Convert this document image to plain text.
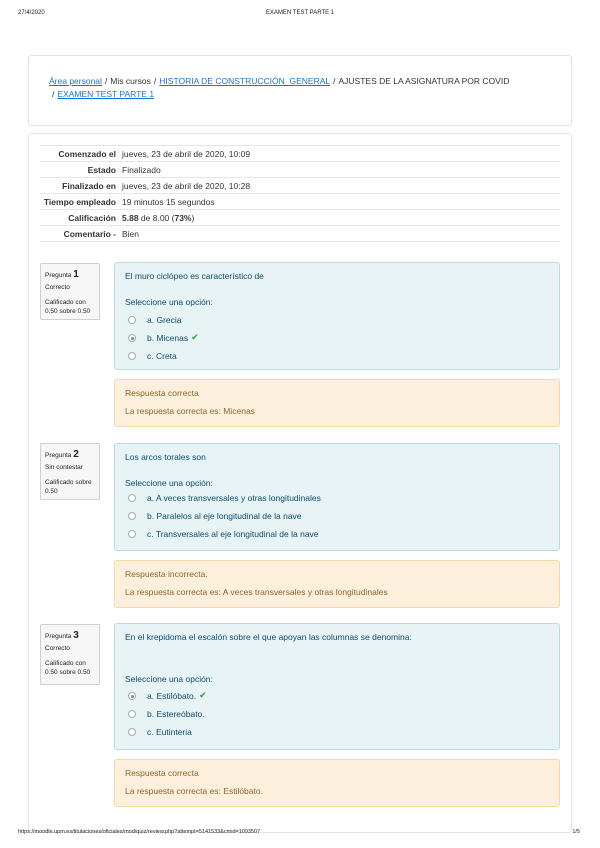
27/4/2020	EXAMEN TEST PARTE 1
Área personal / Mis cursos / HISTORIA DE CONSTRUCCIÓN_GENERAL / AJUSTES DE LA ASIGNATURA POR COVID
/ EXAMEN TEST PARTE 1
Comenzado el jueves, 23 de abril de 2020, 10:09
Estado Finalizado
Finalizado en jueves, 23 de abril de 2020, 10:28
Tiempo empleado 19 minutos 15 segundos
Calificación 5.88 de 8.00 (73%)
Comentario - Bien
Pregunta 1
Correcto
Calificado con 0.50 sobre 0.50
El muro ciclópeo es característico de
Seleccione una opción:
a. Grecia
b. Micenas ✔
c. Creta
Respuesta correcta
La respuesta correcta es: Micenas
Pregunta 2
Sin contestar
Calificado sobre 0.50
Los arcos torales son
Seleccione una opción:
a. A veces transversales y otras longitudinales
b. Paralelos al eje longitudinal de la nave
c. Transversales al eje longitudinal de la nave
Respuesta incorrecta.
La respuesta correcta es: A veces transversales y otras longitudinales
Pregunta 3
Correcto
Calificado con 0.50 sobre 0.50
En el krepidoma el escalón sobre el que apoyan las columnas se denomina:
Seleccione una opción:
a. Estilóbato. ✔
b. Estereóbato.
c. Eutinteria
Respuesta correcta
La respuesta correcta es: Estilóbato.
https://moodle.upm.es/titulaciones/oficiales/mod/quiz/review.php?attempt=5141533&cmid=1093507	1/5
